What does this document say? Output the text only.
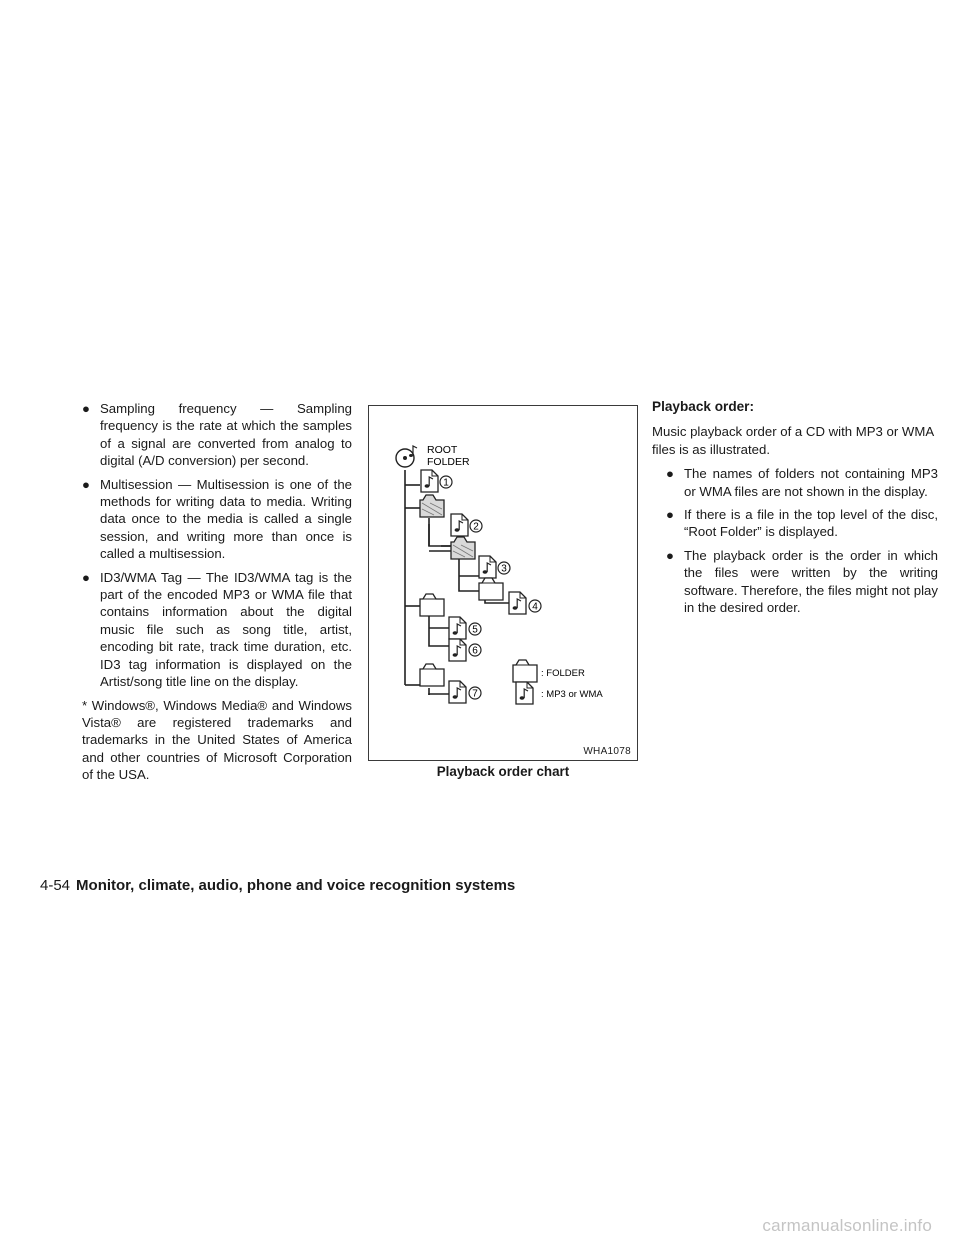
● Sampling frequency — Sampling frequency is the rate at which the samples of a signal are converted from analog to digital (A/D conversion) per second.
● Multisession — Multisession is one of the methods for writing data to media. Writing data once to the media is called a single session, and writing more than once is called a multisession.
● ID3/WMA Tag — The ID3/WMA tag is the part of the encoded MP3 or WMA file that contains information about the digital music file such as song title, artist, encoding bit rate, track time duration, etc. ID3 tag information is displayed on the Artist/song title line on the display.

* Windows®, Windows Media® and Windows Vista® are registered trademarks and trademarks in the United States of America and other countries of Microsoft Corporation of the USA.

ROOT
FOLDER
1
2
3
4
5
6
7
: FOLDER
: MP3 or WMA
WHA1078
Playback order chart
Playback order:

Music playback order of a CD with MP3 or WMA files is as illustrated.

● The names of folders not containing MP3 or WMA files are not shown in the display.
● If there is a file in the top level of the disc, “Root Folder” is displayed.
● The playback order is the order in which the files were written by the writing software. Therefore, the files might not play in the desired order.
4-54 Monitor, climate, audio, phone and voice recognition systems
carmanualsonline.info
